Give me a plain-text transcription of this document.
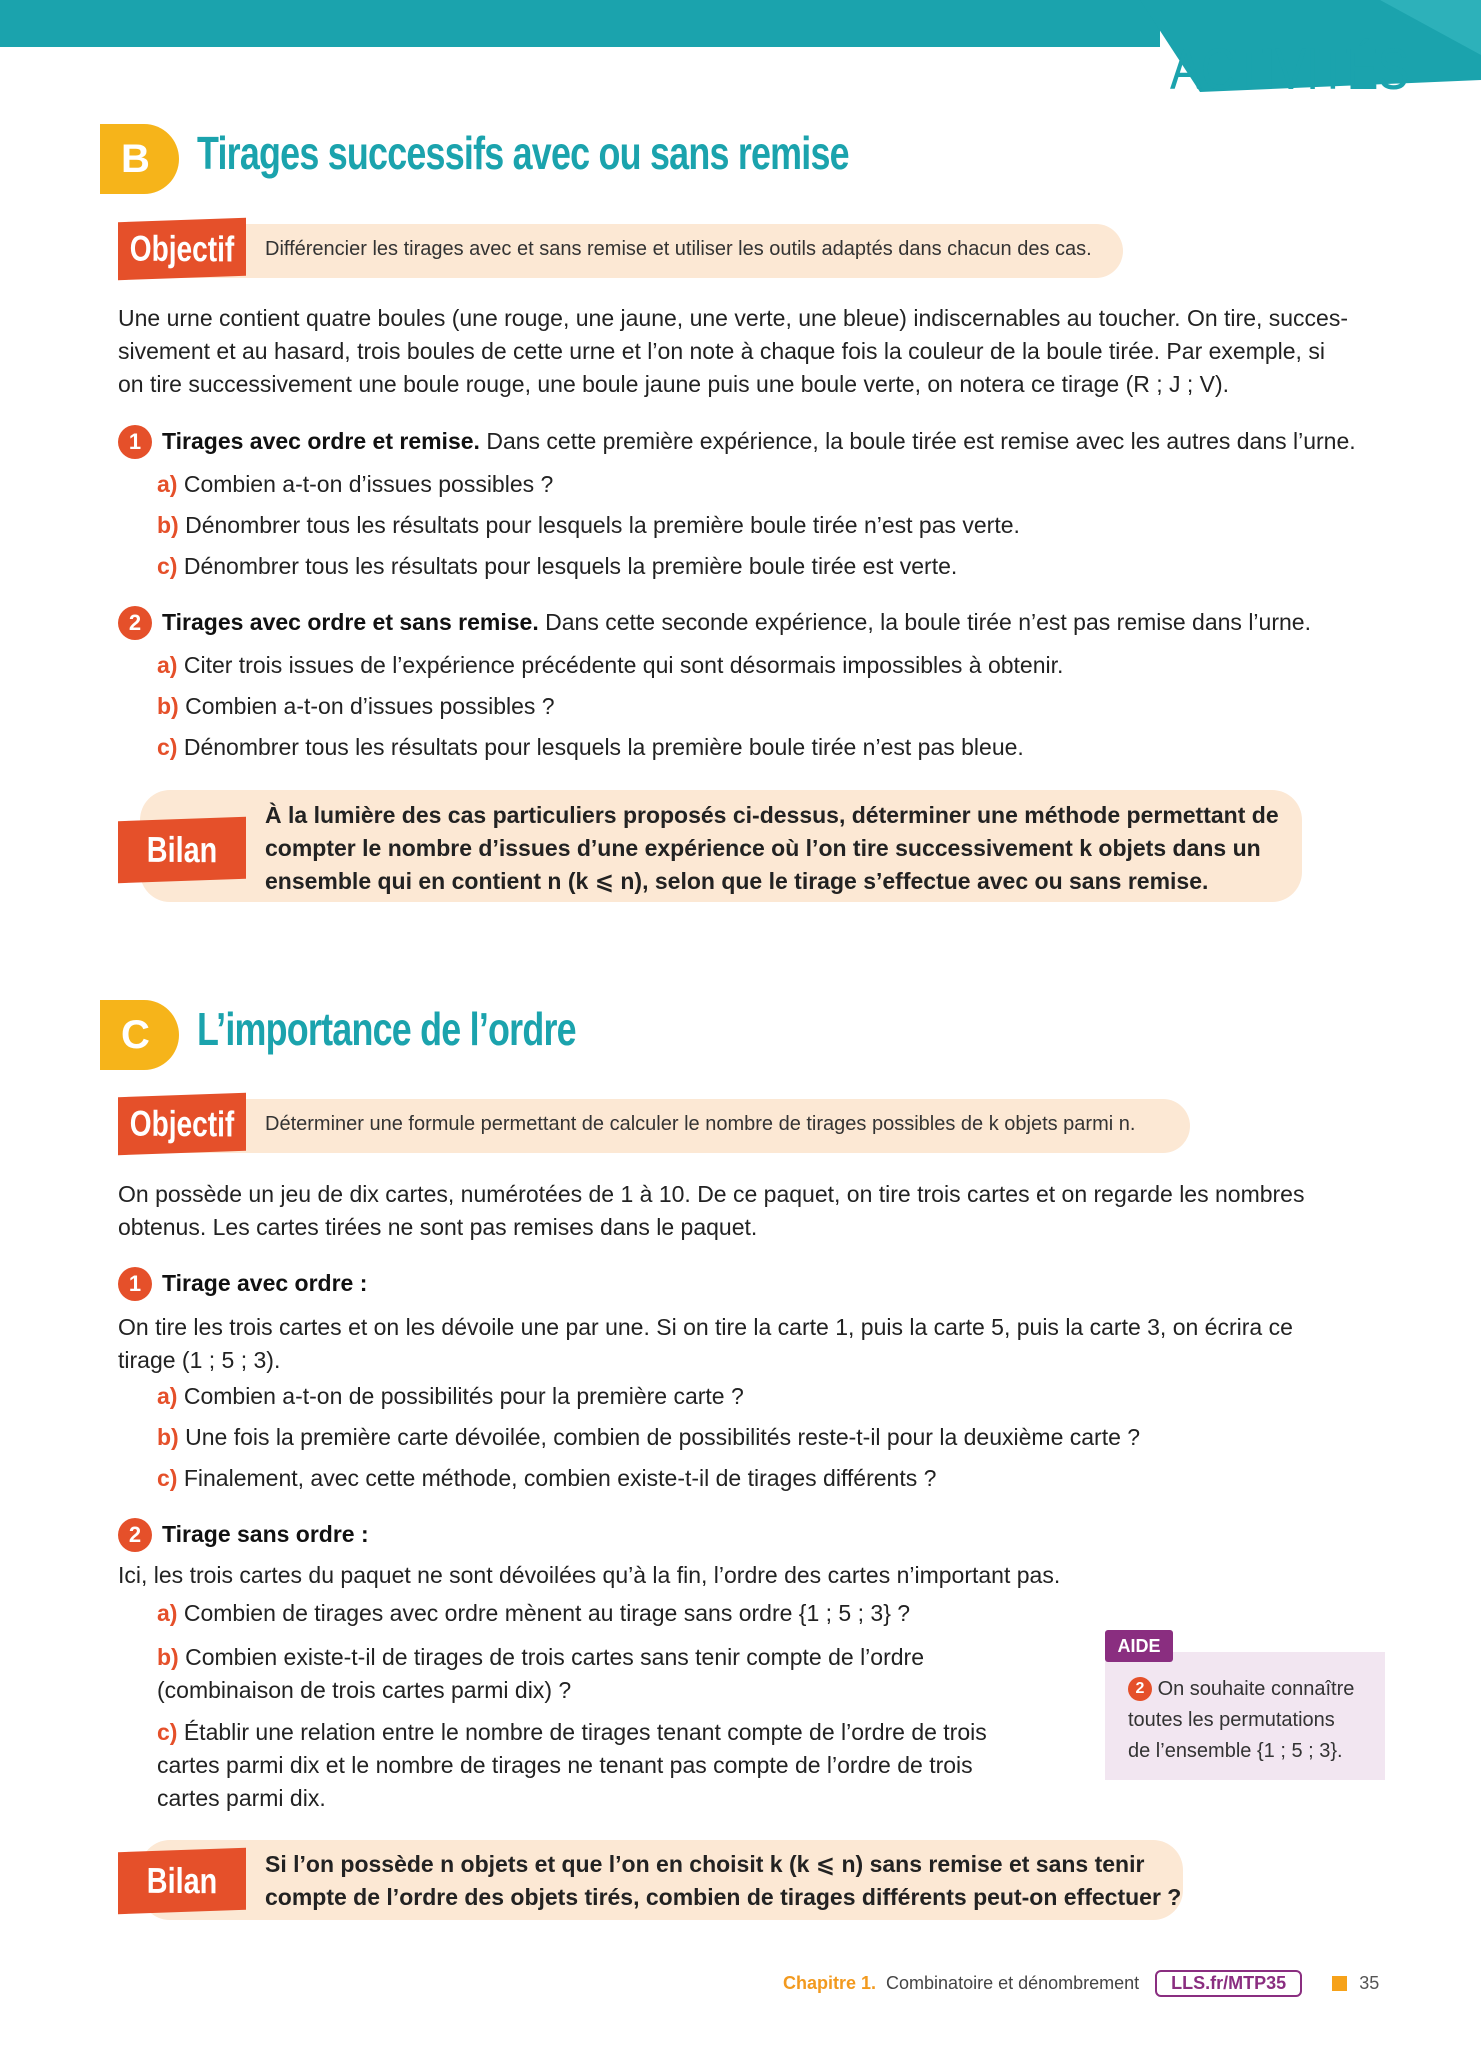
ACTIVITÉS
B	Tirages successifs avec ou sans remise
Objectif Différencier les tirages avec et sans remise et utiliser les outils adaptés dans chacun des cas.
Une urne contient quatre boules (une rouge, une jaune, une verte, une bleue) indiscernables au toucher. On tire, succes-
sivement et au hasard, trois boules de cette urne et l’on note à chaque fois la couleur de la boule tirée. Par exemple, si
on tire successivement une boule rouge, une boule jaune puis une boule verte, on notera ce tirage (R ; J ; V).
1 Tirages avec ordre et remise. Dans cette première expérience, la boule tirée est remise avec les autres dans l’urne.
a) Combien a-t-on d’issues possibles ?
b) Dénombrer tous les résultats pour lesquels la première boule tirée n’est pas verte.
c) Dénombrer tous les résultats pour lesquels la première boule tirée est verte.
2 Tirages avec ordre et sans remise. Dans cette seconde expérience, la boule tirée n’est pas remise dans l’urne.
a) Citer trois issues de l’expérience précédente qui sont désormais impossibles à obtenir.
b) Combien a-t-on d’issues possibles ?
c) Dénombrer tous les résultats pour lesquels la première boule tirée n’est pas bleue.
Bilan
À la lumière des cas particuliers proposés ci-dessus, déterminer une méthode permettant de
compter le nombre d’issues d’une expérience où l’on tire successivement k objets dans un
ensemble qui en contient n (k ⩽ n), selon que le tirage s’effectue avec ou sans remise.
C	L’importance de l’ordre
Objectif Déterminer une formule permettant de calculer le nombre de tirages possibles de k objets parmi n.
On possède un jeu de dix cartes, numérotées de 1 à 10. De ce paquet, on tire trois cartes et on regarde les nombres
obtenus. Les cartes tirées ne sont pas remises dans le paquet.
1 Tirage avec ordre :
On tire les trois cartes et on les dévoile une par une. Si on tire la carte 1, puis la carte 5, puis la carte 3, on écrira ce
tirage (1 ; 5 ; 3).
a) Combien a-t-on de possibilités pour la première carte ?
b) Une fois la première carte dévoilée, combien de possibilités reste-t-il pour la deuxième carte ?
c) Finalement, avec cette méthode, combien existe-t-il de tirages différents ?
2 Tirage sans ordre :
Ici, les trois cartes du paquet ne sont dévoilées qu’à la fin, l’ordre des cartes n’important pas.
a) Combien de tirages avec ordre mènent au tirage sans ordre {1 ; 5 ; 3} ?
b) Combien existe-t-il de tirages de trois cartes sans tenir compte de l’ordre
(combinaison de trois cartes parmi dix) ?
c) Établir une relation entre le nombre de tirages tenant compte de l’ordre de trois
cartes parmi dix et le nombre de tirages ne tenant pas compte de l’ordre de trois
cartes parmi dix.
AIDE
2 On souhaite connaître
toutes les permutations
de l’ensemble {1 ; 5 ; 3}.
Bilan Si l’on possède n objets et que l’on en choisit k (k ⩽ n) sans remise et sans tenir
compte de l’ordre des objets tirés, combien de tirages différents peut-on effectuer ?
Chapitre 1. Combinatoire et dénombrement	LLS.fr/MTP35	35
